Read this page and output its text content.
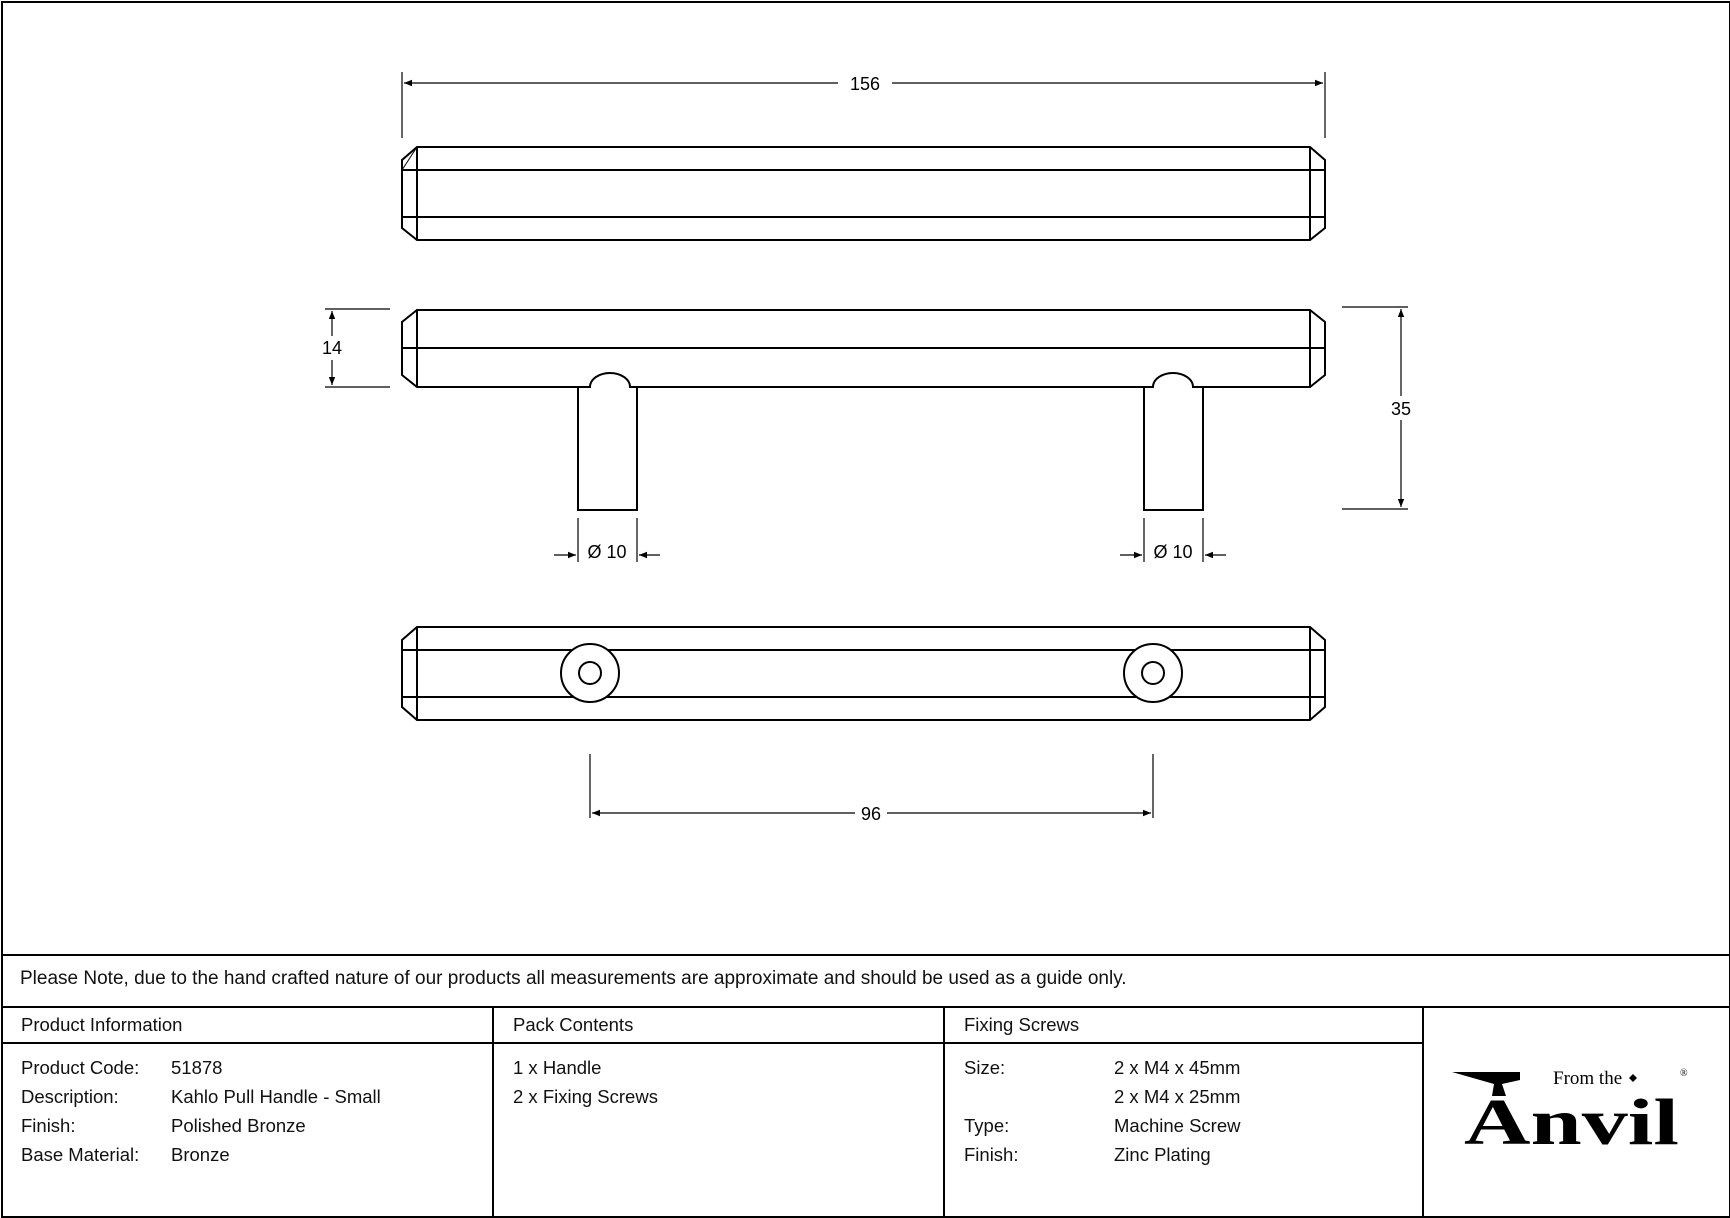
156
14
35
Ø 10	Ø 10
96
Please Note, due to the hand crafted nature of our products all measurements are approximate and should be used as a guide only.
Product Information
Product Code:
Description:
Finish:
Base Material:
51878
Kahlo Pull Handle - Small
Polished Bronze
Bronze
Pack Contents
1 x Handle
2 x Fixing Screws
Fixing Screws
Size:

Type:
Finish:
2 x M4 x 45mm
2 x M4 x 25mm
Machine Screw
Zinc Plating
From the	®
Anvil
